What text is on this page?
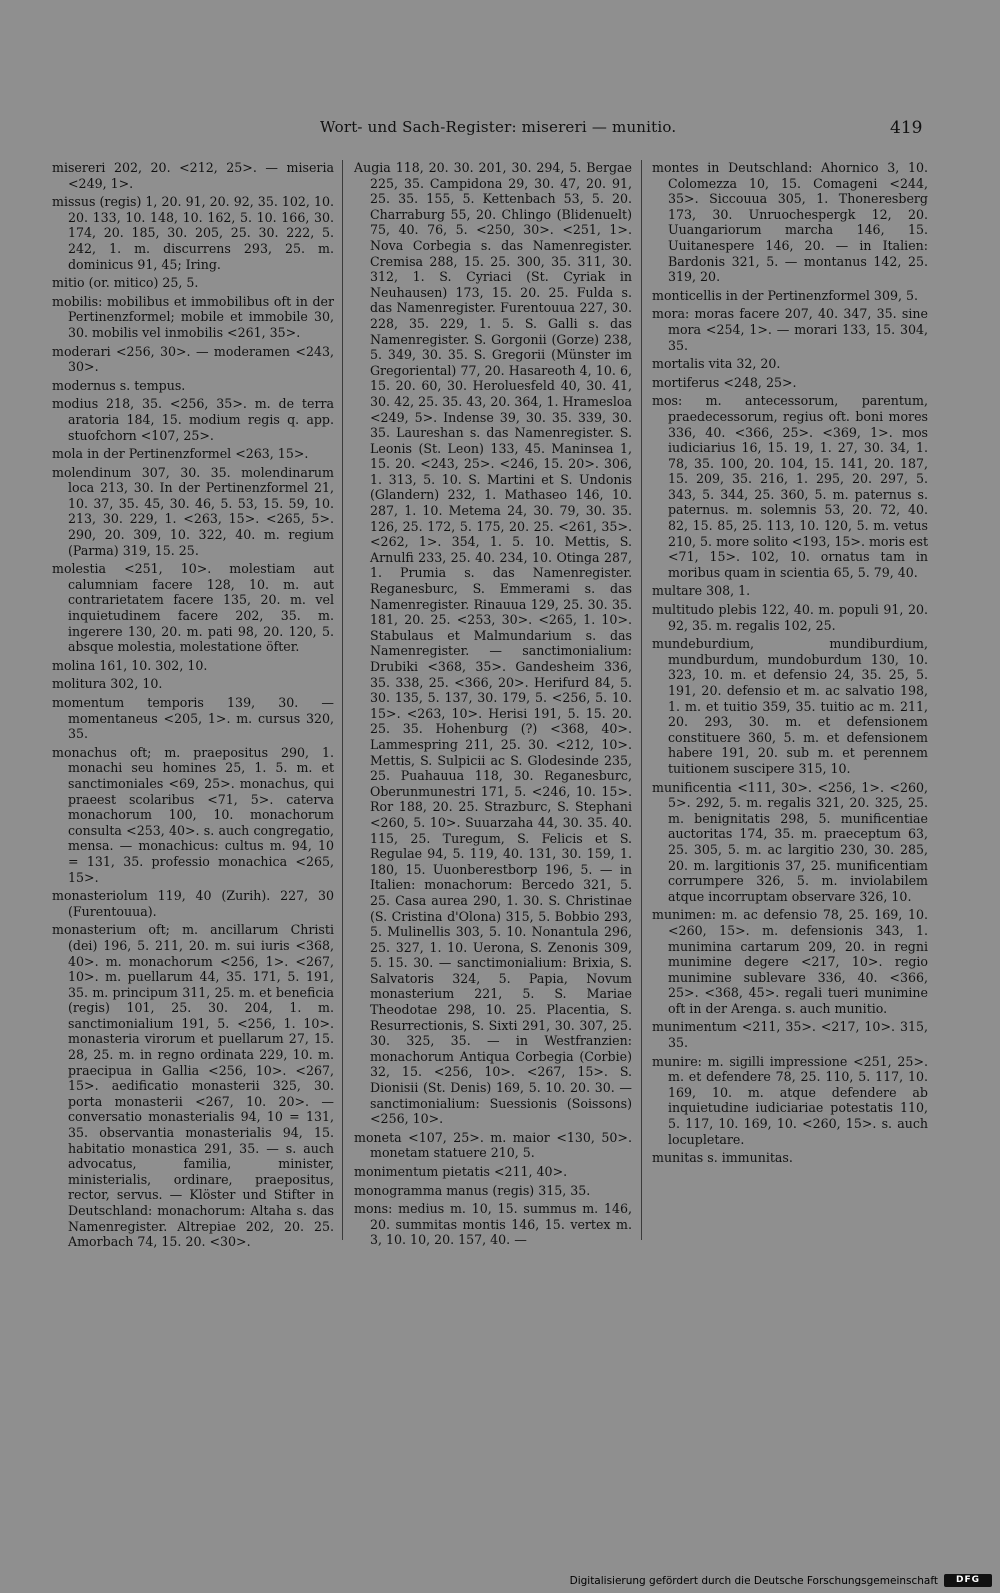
Wort- und Sach-Register: misereri — munitio.	419

misereri 202, 20. <212, 25>. — miseria <249, 1>.

missus (regis) 1, 20. 91, 20. 92, 35. 102, 10. 20. 133, 10. 148, 10. 162, 5. 10. 166, 30. 174, 20. 185, 30. 205, 25. 30. 222, 5. 242, 1. m. discurrens 293, 25. m. dominicus 91, 45; Iring.

mitio (or. mitico) 25, 5.

mobilis: mobilibus et immobilibus oft in der Pertinenzformel; mobile et immobile 30, 30. mobilis vel inmobilis <261, 35>.

moderari <256, 30>. — moderamen <243, 30>.

modernus s. tempus.

modius 218, 35. <256, 35>. m. de terra aratoria 184, 15. modium regis q. app. stuofchorn <107, 25>.

mola in der Pertinenzformel <263, 15>.

molendinum 307, 30. 35. molendinarum loca 213, 30. In der Pertinenzformel 21, 10. 37, 35. 45, 30. 46, 5. 53, 15. 59, 10. 213, 30. 229, 1. <263, 15>. <265, 5>. 290, 20. 309, 10. 322, 40. m. regium (Parma) 319, 15. 25.

molestia <251, 10>. molestiam aut calumniam facere 128, 10. m. aut contrarietatem facere 135, 20. m. vel inquietudinem facere 202, 35. m. ingerere 130, 20. m. pati 98, 20. 120, 5. absque molestia, molestatione öfter.

molina 161, 10. 302, 10.

molitura 302, 10.

momentum temporis 139, 30. — momentaneus <205, 1>. m. cursus 320, 35.

monachus oft; m. praepositus 290, 1. monachi seu homines 25, 1. 5. m. et sanctimoniales <69, 25>. monachus, qui praeest scolaribus <71, 5>. caterva monachorum 100, 10. monachorum consulta <253, 40>. s. auch congregatio, mensa. — monachicus: cultus m. 94, 10 = 131, 35. professio monachica <265, 15>.

monasteriolum 119, 40 (Zurih). 227, 30 (Furentouua).

monasterium oft; m. ancillarum Christi (dei) 196, 5. 211, 20. m. sui iuris <368, 40>. m. monachorum <256, 1>. <267, 10>. m. puellarum 44, 35. 171, 5. 191, 35. m. principum 311, 25. m. et beneficia (regis) 101, 25. 30. 204, 1. m. sanctimonialium 191, 5. <256, 1. 10>. monasteria virorum et puellarum 27, 15. 28, 25. m. in regno ordinata 229, 10. m. praecipua in Gallia <256, 10>. <267, 15>. aedificatio monasterii 325, 30. porta monasterii <267, 10. 20>. — conversatio monasterialis 94, 10 = 131, 35. observantia monasterialis 94, 15. habitatio monastica 291, 35. — s. auch advocatus, familia, minister, ministerialis, ordinare, praepositus, rector, servus. — Klöster und Stifter in Deutschland: monachorum: Altaha s. das Namenregister. Altrepiae 202, 20. 25. Amorbach 74, 15. 20. <30>.

Augia 118, 20. 30. 201, 30. 294, 5. Bergae 225, 35. Campidona 29, 30. 47, 20. 91, 25. 35. 155, 5. Kettenbach 53, 5. 20. Charraburg 55, 20. Chlingo (Blidenuelt) 75, 40. 76, 5. <250, 30>. <251, 1>. Nova Corbegia s. das Namenregister. Cremisa 288, 15. 25. 300, 35. 311, 30. 312, 1. S. Cyriaci (St. Cyriak in Neuhausen) 173, 15. 20. 25. Fulda s. das Namenregister. Furentouua 227, 30. 228, 35. 229, 1. 5. S. Galli s. das Namenregister. S. Gorgonii (Gorze) 238, 5. 349, 30. 35. S. Gregorii (Münster im Gregoriental) 77, 20. Hasareoth 4, 10. 6, 15. 20. 60, 30. Heroluesfeld 40, 30. 41, 30. 42, 25. 35. 43, 20. 364, 1. Hramesloa <249, 5>. Indense 39, 30. 35. 339, 30. 35. Laureshan s. das Namenregister. S. Leonis (St. Leon) 133, 45. Maninsea 1, 15. 20. <243, 25>. <246, 15. 20>. 306, 1. 313, 5. 10. S. Martini et S. Undonis (Glandern) 232, 1. Mathaseo 146, 10. 287, 1. 10. Metema 24, 30. 79, 30. 35. 126, 25. 172, 5. 175, 20. 25. <261, 35>. <262, 1>. 354, 1. 5. 10. Mettis, S. Arnulfi 233, 25. 40. 234, 10. Otinga 287, 1. Prumia s. das Namenregister. Reganesburc, S. Emmerami s. das Namenregister. Rinauua 129, 25. 30. 35. 181, 20. 25. <253, 30>. <265, 1. 10>. Stabulaus et Malmundarium s. das Namenregister. — sanctimonialium: Drubiki <368, 35>. Gandesheim 336, 35. 338, 25. <366, 20>. Herifurd 84, 5. 30. 135, 5. 137, 30. 179, 5. <256, 5. 10. 15>. <263, 10>. Herisi 191, 5. 15. 20. 25. 35. Hohenburg (?) <368, 40>. Lammespring 211, 25. 30. <212, 10>. Mettis, S. Sulpicii ac S. Glodesinde 235, 25. Puahauua 118, 30. Reganesburc, Oberunmunestri 171, 5. <246, 10. 15>. Ror 188, 20. 25. Strazburc, S. Stephani <260, 5. 10>. Suuarzaha 44, 30. 35. 40. 115, 25. Turegum, S. Felicis et S. Regulae 94, 5. 119, 40. 131, 30. 159, 1. 180, 15. Uuonberestborp 196, 5. — in Italien: monachorum: Bercedo 321, 5. 25. Casa aurea 290, 1. 30. S. Christinae (S. Cristina d'Olona) 315, 5. Bobbio 293, 5. Mulinellis 303, 5. 10. Nonantula 296, 25. 327, 1. 10. Uerona, S. Zenonis 309, 5. 15. 30. — sanctimonialium: Brixia, S. Salvatoris 324, 5. Papia, Novum monasterium 221, 5. S. Mariae Theodotae 298, 10. 25. Placentia, S. Resurrectionis, S. Sixti 291, 30. 307, 25. 30. 325, 35. — in Westfranzien: monachorum Antiqua Corbegia (Corbie) 32, 15. <256, 10>. <267, 15>. S. Dionisii (St. Denis) 169, 5. 10. 20. 30. — sanctimonialium: Suessionis (Soissons) <256, 10>.

moneta <107, 25>. m. maior <130, 50>. monetam statuere 210, 5.

monimentum pietatis <211, 40>.

monogramma manus (regis) 315, 35.

mons: medius m. 10, 15. summus m. 146, 20. summitas montis 146, 15. vertex m. 3, 10. 10, 20. 157, 40. —

montes in Deutschland: Ahornico 3, 10. Colomezza 10, 15. Comageni <244, 35>. Siccouua 305, 1. Thoneresberg 173, 30. Unruochespergk 12, 20. Uuangariorum marcha 146, 15. Uuitanespere 146, 20. — in Italien: Bardonis 321, 5. — montanus 142, 25. 319, 20.

monticellis in der Pertinenzformel 309, 5.

mora: moras facere 207, 40. 347, 35. sine mora <254, 1>. — morari 133, 15. 304, 35.

mortalis vita 32, 20.

mortiferus <248, 25>.

mos: m. antecessorum, parentum, praedecessorum, regius oft. boni mores 336, 40. <366, 25>. <369, 1>. mos iudiciarius 16, 15. 19, 1. 27, 30. 34, 1. 78, 35. 100, 20. 104, 15. 141, 20. 187, 15. 209, 35. 216, 1. 295, 20. 297, 5. 343, 5. 344, 25. 360, 5. m. paternus s. paternus. m. solemnis 53, 20. 72, 40. 82, 15. 85, 25. 113, 10. 120, 5. m. vetus 210, 5. more solito <193, 15>. moris est <71, 15>. 102, 10. ornatus tam in moribus quam in scientia 65, 5. 79, 40.

multare 308, 1.

multitudo plebis 122, 40. m. populi 91, 20. 92, 35. m. regalis 102, 25.

mundeburdium, mundiburdium, mundburdum, mundoburdum 130, 10. 323, 10. m. et defensio 24, 35. 25, 5. 191, 20. defensio et m. ac salvatio 198, 1. m. et tuitio 359, 35. tuitio ac m. 211, 20. 293, 30. m. et defensionem constituere 360, 5. m. et defensionem habere 191, 20. sub m. et perennem tuitionem suscipere 315, 10.

munificentia <111, 30>. <256, 1>. <260, 5>. 292, 5. m. regalis 321, 20. 325, 25. m. benignitatis 298, 5. munificentiae auctoritas 174, 35. m. praeceptum 63, 25. 305, 5. m. ac largitio 230, 30. 285, 20. m. largitionis 37, 25. munificentiam corrumpere 326, 5. m. inviolabilem atque incorruptam observare 326, 10.

munimen: m. ac defensio 78, 25. 169, 10. <260, 15>. m. defensionis 343, 1. munimina cartarum 209, 20. in regni munimine degere <217, 10>. regio munimine sublevare 336, 40. <366, 25>. <368, 45>. regali tueri munimine oft in der Arenga. s. auch munitio.

munimentum <211, 35>. <217, 10>. 315, 35.

munire: m. sigilli impressione <251, 25>. m. et defendere 78, 25. 110, 5. 117, 10. 169, 10. m. atque defendere ab inquietudine iudiciariae potestatis 110, 5. 117, 10. 169, 10. <260, 15>. s. auch locupletare.

munitas s. immunitas.

Digitalisierung gefördert durch die Deutsche Forschungsgemeinschaft	DFG
